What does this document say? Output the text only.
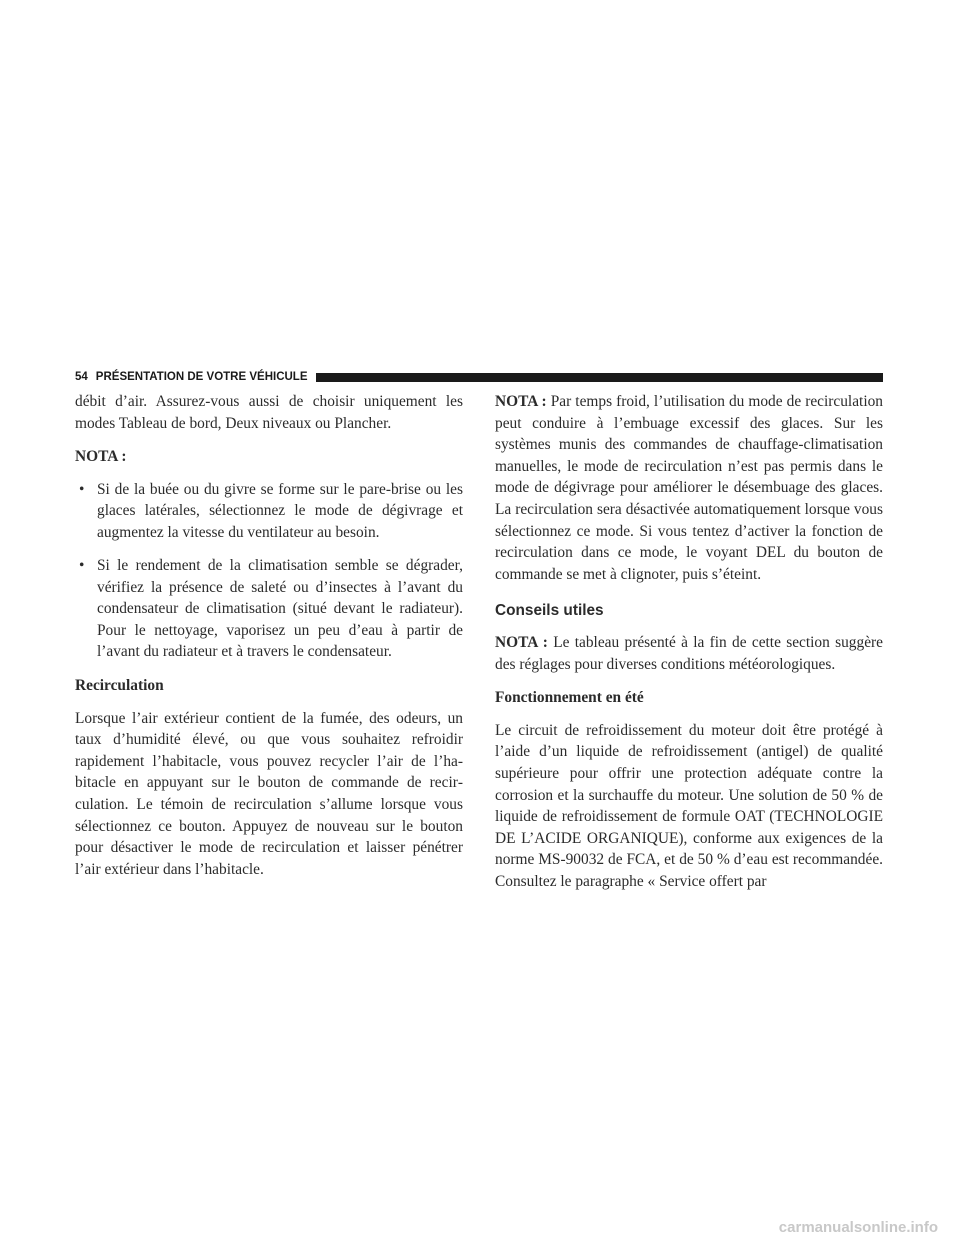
54 PRÉSENTATION DE VOTRE VÉHICULE

débit d’air. Assurez-vous aussi de choisir uniquement les modes Tableau de bord, Deux niveaux ou Plancher.

NOTA :

• Si de la buée ou du givre se forme sur le pare-brise ou les glaces latérales, sélectionnez le mode de dégivrage et augmentez la vitesse du ventilateur au besoin.
• Si le rendement de la climatisation semble se dégrader, vérifiez la présence de saleté ou d’insectes à l’avant du condensateur de climatisation (situé devant le radiateur). Pour le nettoyage, vaporisez un peu d’eau à partir de l’avant du radiateur et à travers le condensateur.

Recirculation

Lorsque l’air extérieur contient de la fumée, des odeurs, un taux d’humidité élevé, ou que vous souhaitez refroidir rapidement l’habitacle, vous pouvez recycler l’air de l’habitacle en appuyant sur le bouton de commande de recirculation. Le témoin de recirculation s’allume lorsque vous sélectionnez ce bouton. Appuyez de nouveau sur le bouton pour désactiver le mode de recirculation et laisser pénétrer l’air extérieur dans l’habitacle.

NOTA : Par temps froid, l’utilisation du mode de recirculation peut conduire à l’embuage excessif des glaces. Sur les systèmes munis des commandes de chauffage-climatisation manuelles, le mode de recirculation n’est pas permis dans le mode de dégivrage pour améliorer le désembuage des glaces. La recirculation sera désactivée automatiquement lorsque vous sélectionnez ce mode. Si vous tentez d’activer la fonction de recirculation dans ce mode, le voyant DEL du bouton de commande se met à clignoter, puis s’éteint.

Conseils utiles

NOTA : Le tableau présenté à la fin de cette section suggère des réglages pour diverses conditions météorologiques.

Fonctionnement en été

Le circuit de refroidissement du moteur doit être protégé à l’aide d’un liquide de refroidissement (antigel) de qualité supérieure pour offrir une protection adéquate contre la corrosion et la surchauffe du moteur. Une solution de 50 % de liquide de refroidissement de formule OAT (TECHNOLOGIE DE L’ACIDE ORGANIQUE), conforme aux exigences de la norme MS-90032 de FCA, et de 50 % d’eau est recommandée. Consultez le paragraphe « Service offert par

carmanualsonline.info
